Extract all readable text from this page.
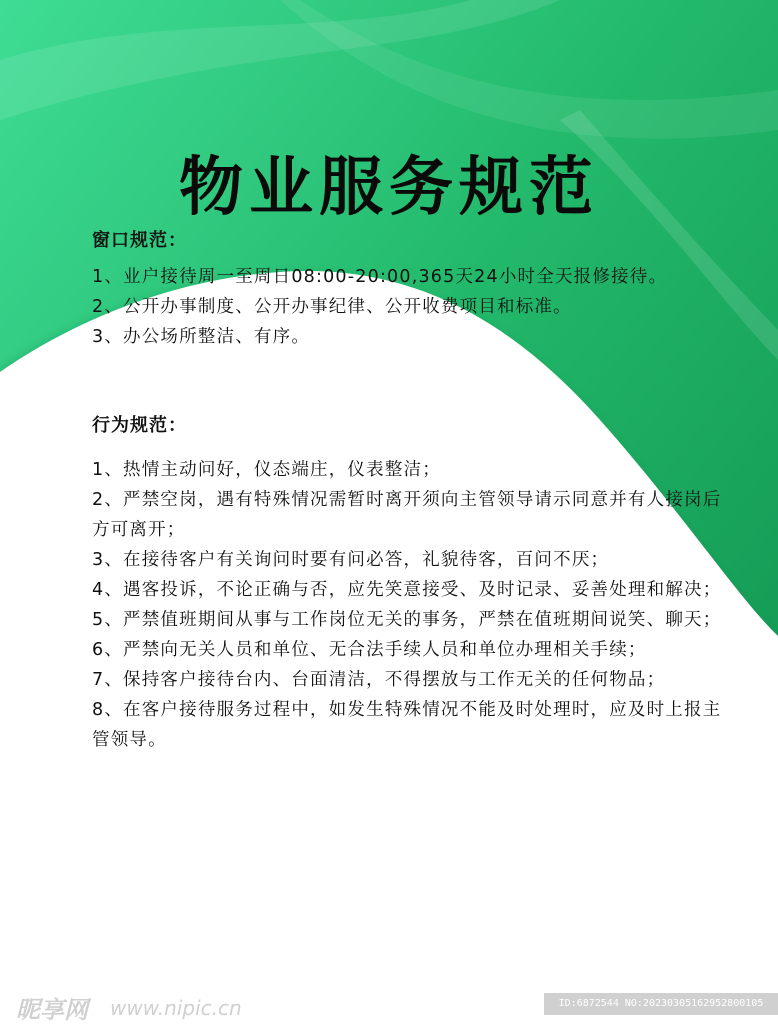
物业服务规范
窗口规范：

1、业户接待周一至周日08:00-20:00,365天24小时全天报修接待。

2、公开办事制度、公开办事纪律、公开收费项目和标准。

3、办公场所整洁、有序。

行为规范：

1、热情主动问好，仪态端庄，仪表整洁；

2、严禁空岗，遇有特殊情况需暂时离开须向主管领导请示同意并有人接岗后方可离开；

3、在接待客户有关询问时要有问必答，礼貌待客，百问不厌；

4、遇客投诉，不论正确与否，应先笑意接受、及时记录、妥善处理和解决；

5、严禁值班期间从事与工作岗位无关的事务，严禁在值班期间说笑、聊天；

6、严禁向无关人员和单位、无合法手续人员和单位办理相关手续；

7、保持客户接待台内、台面清洁，不得摆放与工作无关的任何物品；

8、在客户接待服务过程中，如发生特殊情况不能及时处理时，应及时上报主管领导。

昵享网 www.nipic.cn	ID:6872544 NO:20230305162952800105
